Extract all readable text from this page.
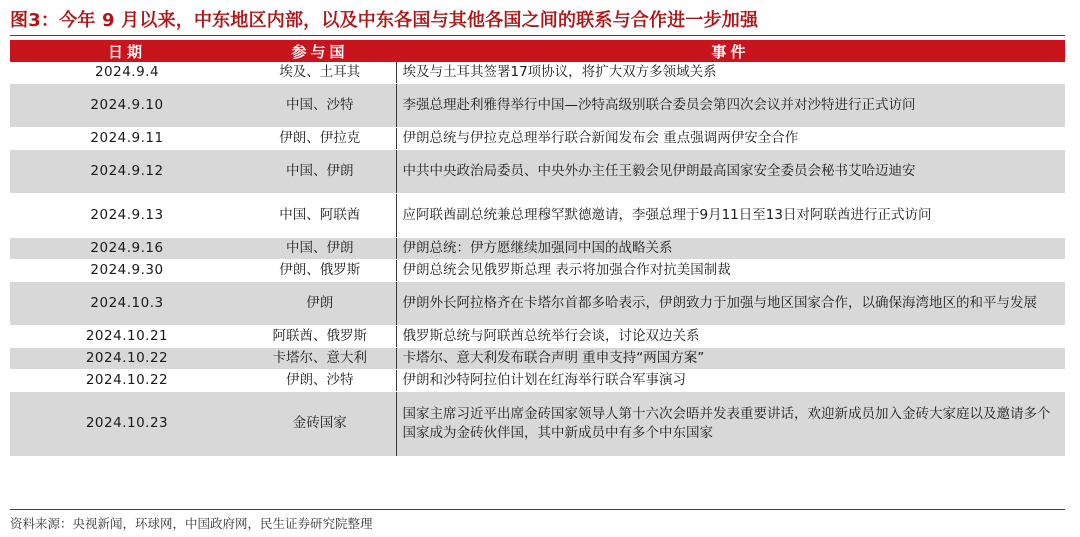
图3：今年 9 月以来，中东地区内部，以及中东各国与其他各国之间的联系与合作进一步加强
日期	参与国	事件
2024.9.4	埃及、土耳其	埃及与土耳其签署17项协议，将扩大双方多领域关系
2024.9.10	中国、沙特	李强总理赴利雅得举行中国—沙特高级别联合委员会第四次会议并对沙特进行正式访问
2024.9.11	伊朗、伊拉克	伊朗总统与伊拉克总理举行联合新闻发布会 重点强调两伊安全合作
2024.9.12	中国、伊朗	中共中央政治局委员、中央外办主任王毅会见伊朗最高国家安全委员会秘书艾哈迈迪安
2024.9.13	中国、阿联酋	应阿联酋副总统兼总理穆罕默德邀请，李强总理于9月11日至13日对阿联酋进行正式访问
2024.9.16	中国、伊朗	伊朗总统：伊方愿继续加强同中国的战略关系
2024.9.30	伊朗、俄罗斯	伊朗总统会见俄罗斯总理 表示将加强合作对抗美国制裁
2024.10.3	伊朗	伊朗外长阿拉格齐在卡塔尔首都多哈表示，伊朗致力于加强与地区国家合作，以确保海湾地区的和平与发展
2024.10.21	阿联酋、俄罗斯	俄罗斯总统与阿联酋总统举行会谈，讨论双边关系
2024.10.22	卡塔尔、意大利	卡塔尔、意大利发布联合声明 重申支持“两国方案”
2024.10.22	伊朗、沙特	伊朗和沙特阿拉伯计划在红海举行联合军事演习
2024.10.23	金砖国家	国家主席习近平出席金砖国家领导人第十六次会晤并发表重要讲话，欢迎新成员加入金砖大家庭以及邀请多个国家成为金砖伙伴国，其中新成员中有多个中东国家
资料来源：央视新闻，环球网，中国政府网，民生证券研究院整理
